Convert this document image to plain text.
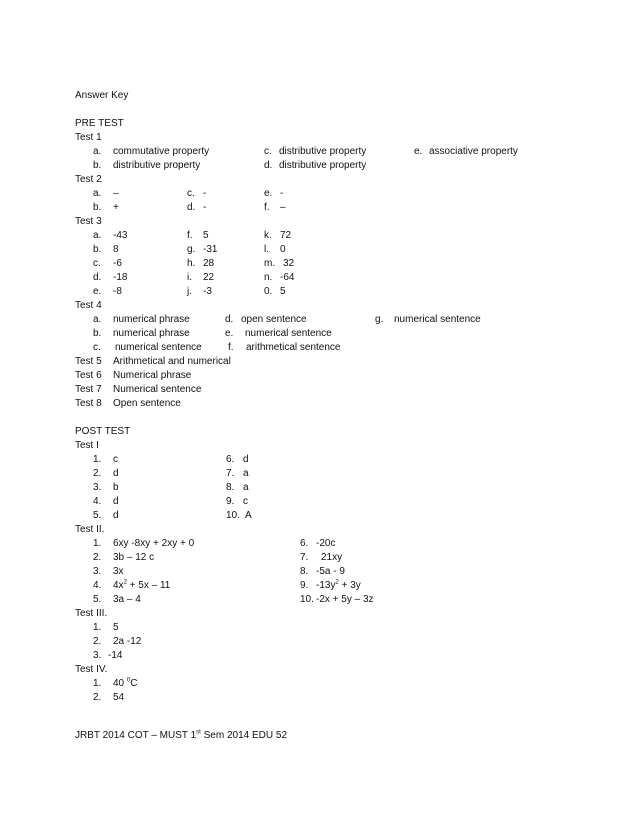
Answer Key
PRE TEST
Test 1
a. commutative property	c. distributive property	e. associative property
b. distributive property	d. distributive property
Test 2
a. –	c. -	e. -
b. +	d. -	f. –
Test 3
a. -43	f. 5	k. 72
b. 8	g. -31	l. 0
c. -6	h. 28	m. 32
d. -18	i. 22	n. -64
e. -8	j. -3	0. 5
Test 4
a. numerical phrase	d. open sentence	g. numerical sentence
b. numerical phrase	e. numerical sentence
c. numerical sentence	f. arithmetical sentence
Test 5 Arithmetical and numerical
Test 6 Numerical phrase
Test 7 Numerical sentence
Test 8 Open sentence
POST TEST
Test I
1. c	6. d
2. d	7. a
3. b	8. a
4. d	9. c
5. d	10. A
Test II.
1. 6xy -8xy + 2xy + 0	6. -20c
2. 3b – 12 c	7. 21xy
3. 3x	8. -5a - 9
4. $4x^2 + 5x - 11$	9. $-13y^2 + 3y$
5. 3a – 4	10. -2x + 5y – 3z
Test III.
1. 5
2. 2a -12
3. -14
Test IV.
1. 40 $^0$C
2. 54
JRBT 2014 COT – MUST 1st Sem 2014 EDU 52
